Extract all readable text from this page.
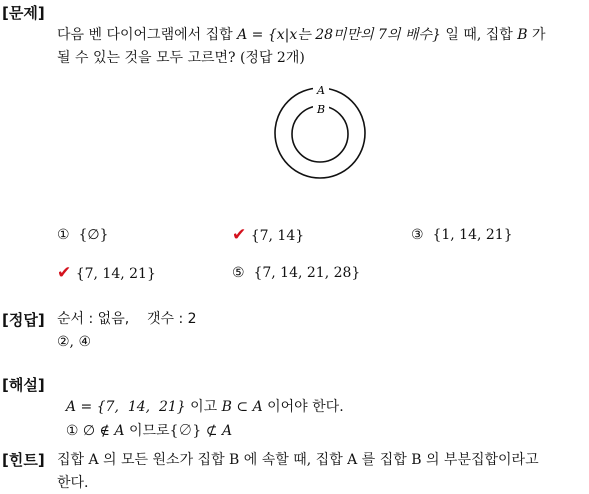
[문제]
다음 벤 다이어그램에서 집합 A = {x|x는 28미만의 7의 배수} 일 때, 집합 B 가
될 수 있는 것을 모두 고르면? (정답 2개)
A
B
① {∅}	✔ {7, 14}	③ {1, 14, 21}
✔ {7, 14, 21}	⑤ {7, 14, 21, 28}
[정답] 순서 : 없음,    갯수 : 2
②, ④
[해설]

A = {7,  14,  21} 이고 B ⊂ A 이어야 한다.

① ∅ ∉ A 이므로{∅} ⊄ A

[힌트] 집합 A 의 모든 원소가 집합 B 에 속할 때, 집합 A 를 집합 B 의 부분집합이라고
한다.
